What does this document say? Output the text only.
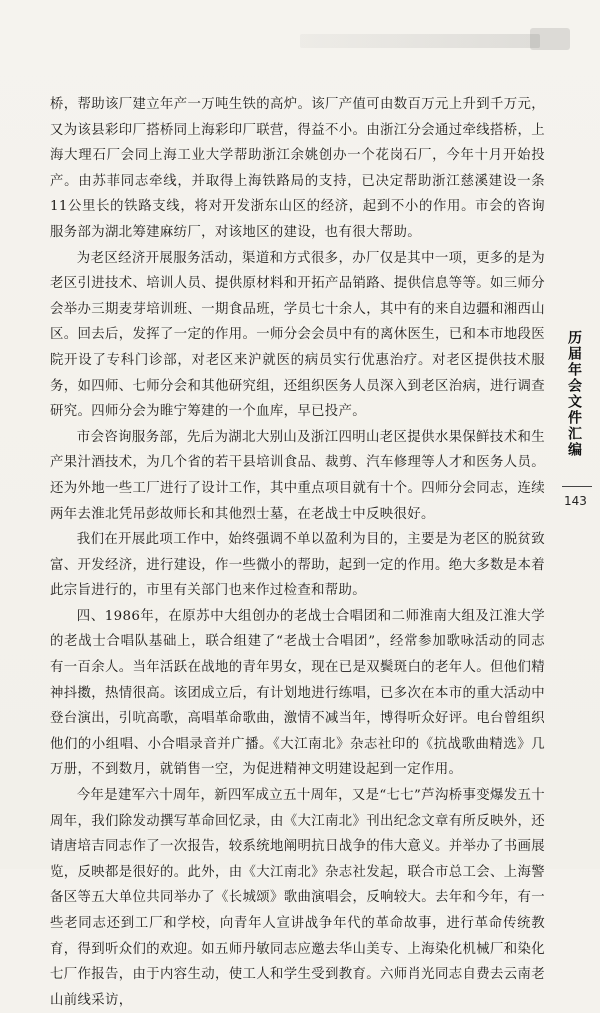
桥，帮助该厂建立年产一万吨生铁的高炉。该厂产值可由数百万元上升到千万元，又为该县彩印厂搭桥同上海彩印厂联营，得益不小。由浙江分会通过牵线搭桥，上海大理石厂会同上海工业大学帮助浙江余姚创办一个花岗石厂，今年十月开始投产。由苏菲同志牵线，并取得上海铁路局的支持，已决定帮助浙江慈溪建设一条11公里长的铁路支线，将对开发浙东山区的经济，起到不小的作用。市会的咨询服务部为湖北筹建麻纺厂，对该地区的建设，也有很大帮助。

为老区经济开展服务活动，渠道和方式很多，办厂仅是其中一项，更多的是为老区引进技术、培训人员、提供原材料和开拓产品销路、提供信息等等。如三师分会举办三期麦芽培训班、一期食品班，学员七十余人，其中有的来自边疆和湘西山区。回去后，发挥了一定的作用。一师分会会员中有的离休医生，已和本市地段医院开设了专科门诊部，对老区来沪就医的病员实行优惠治疗。对老区提供技术服务，如四师、七师分会和其他研究组，还组织医务人员深入到老区治病，进行调查研究。四师分会为睢宁筹建的一个血库，早已投产。

市会咨询服务部，先后为湖北大别山及浙江四明山老区提供水果保鲜技术和生产果汁酒技术，为几个省的若干县培训食品、裁剪、汽车修理等人才和医务人员。还为外地一些工厂进行了设计工作，其中重点项目就有十个。四师分会同志，连续两年去淮北凭吊彭故师长和其他烈士墓，在老战士中反映很好。

我们在开展此项工作中，始终强调不单以盈利为目的，主要是为老区的脱贫致富、开发经济，进行建设，作一些微小的帮助，起到一定的作用。绝大多数是本着此宗旨进行的，市里有关部门也来作过检查和帮助。

四、1986年，在原苏中大组创办的老战士合唱团和二师淮南大组及江淮大学的老战士合唱队基础上，联合组建了“老战士合唱团”，经常参加歌咏活动的同志有一百余人。当年活跃在战地的青年男女，现在已是双鬓斑白的老年人。但他们精神抖擞，热情很高。该团成立后，有计划地进行练唱，已多次在本市的重大活动中登台演出，引吭高歌，高唱革命歌曲，激情不减当年，博得听众好评。电台曾组织他们的小组唱、小合唱录音并广播。《大江南北》杂志社印的《抗战歌曲精选》几万册，不到数月，就销售一空，为促进精神文明建设起到一定作用。

今年是建军六十周年，新四军成立五十周年，又是“七七”芦沟桥事变爆发五十周年，我们除发动撰写革命回忆录，由《大江南北》刊出纪念文章有所反映外，还请唐培吉同志作了一次报告，较系统地阐明抗日战争的伟大意义。并举办了书画展览，反映都是很好的。此外，由《大江南北》杂志社发起，联合市总工会、上海警备区等五大单位共同举办了《长城颂》歌曲演唱会，反响较大。去年和今年，有一些老同志还到工厂和学校，向青年人宣讲战争年代的革命故事，进行革命传统教育，得到听众们的欢迎。如五师丹敏同志应邀去华山美专、上海染化机械厂和染化七厂作报告，由于内容生动，使工人和学生受到教育。六师肖光同志自费去云南老山前线采访，

历届年会文件汇编
143
